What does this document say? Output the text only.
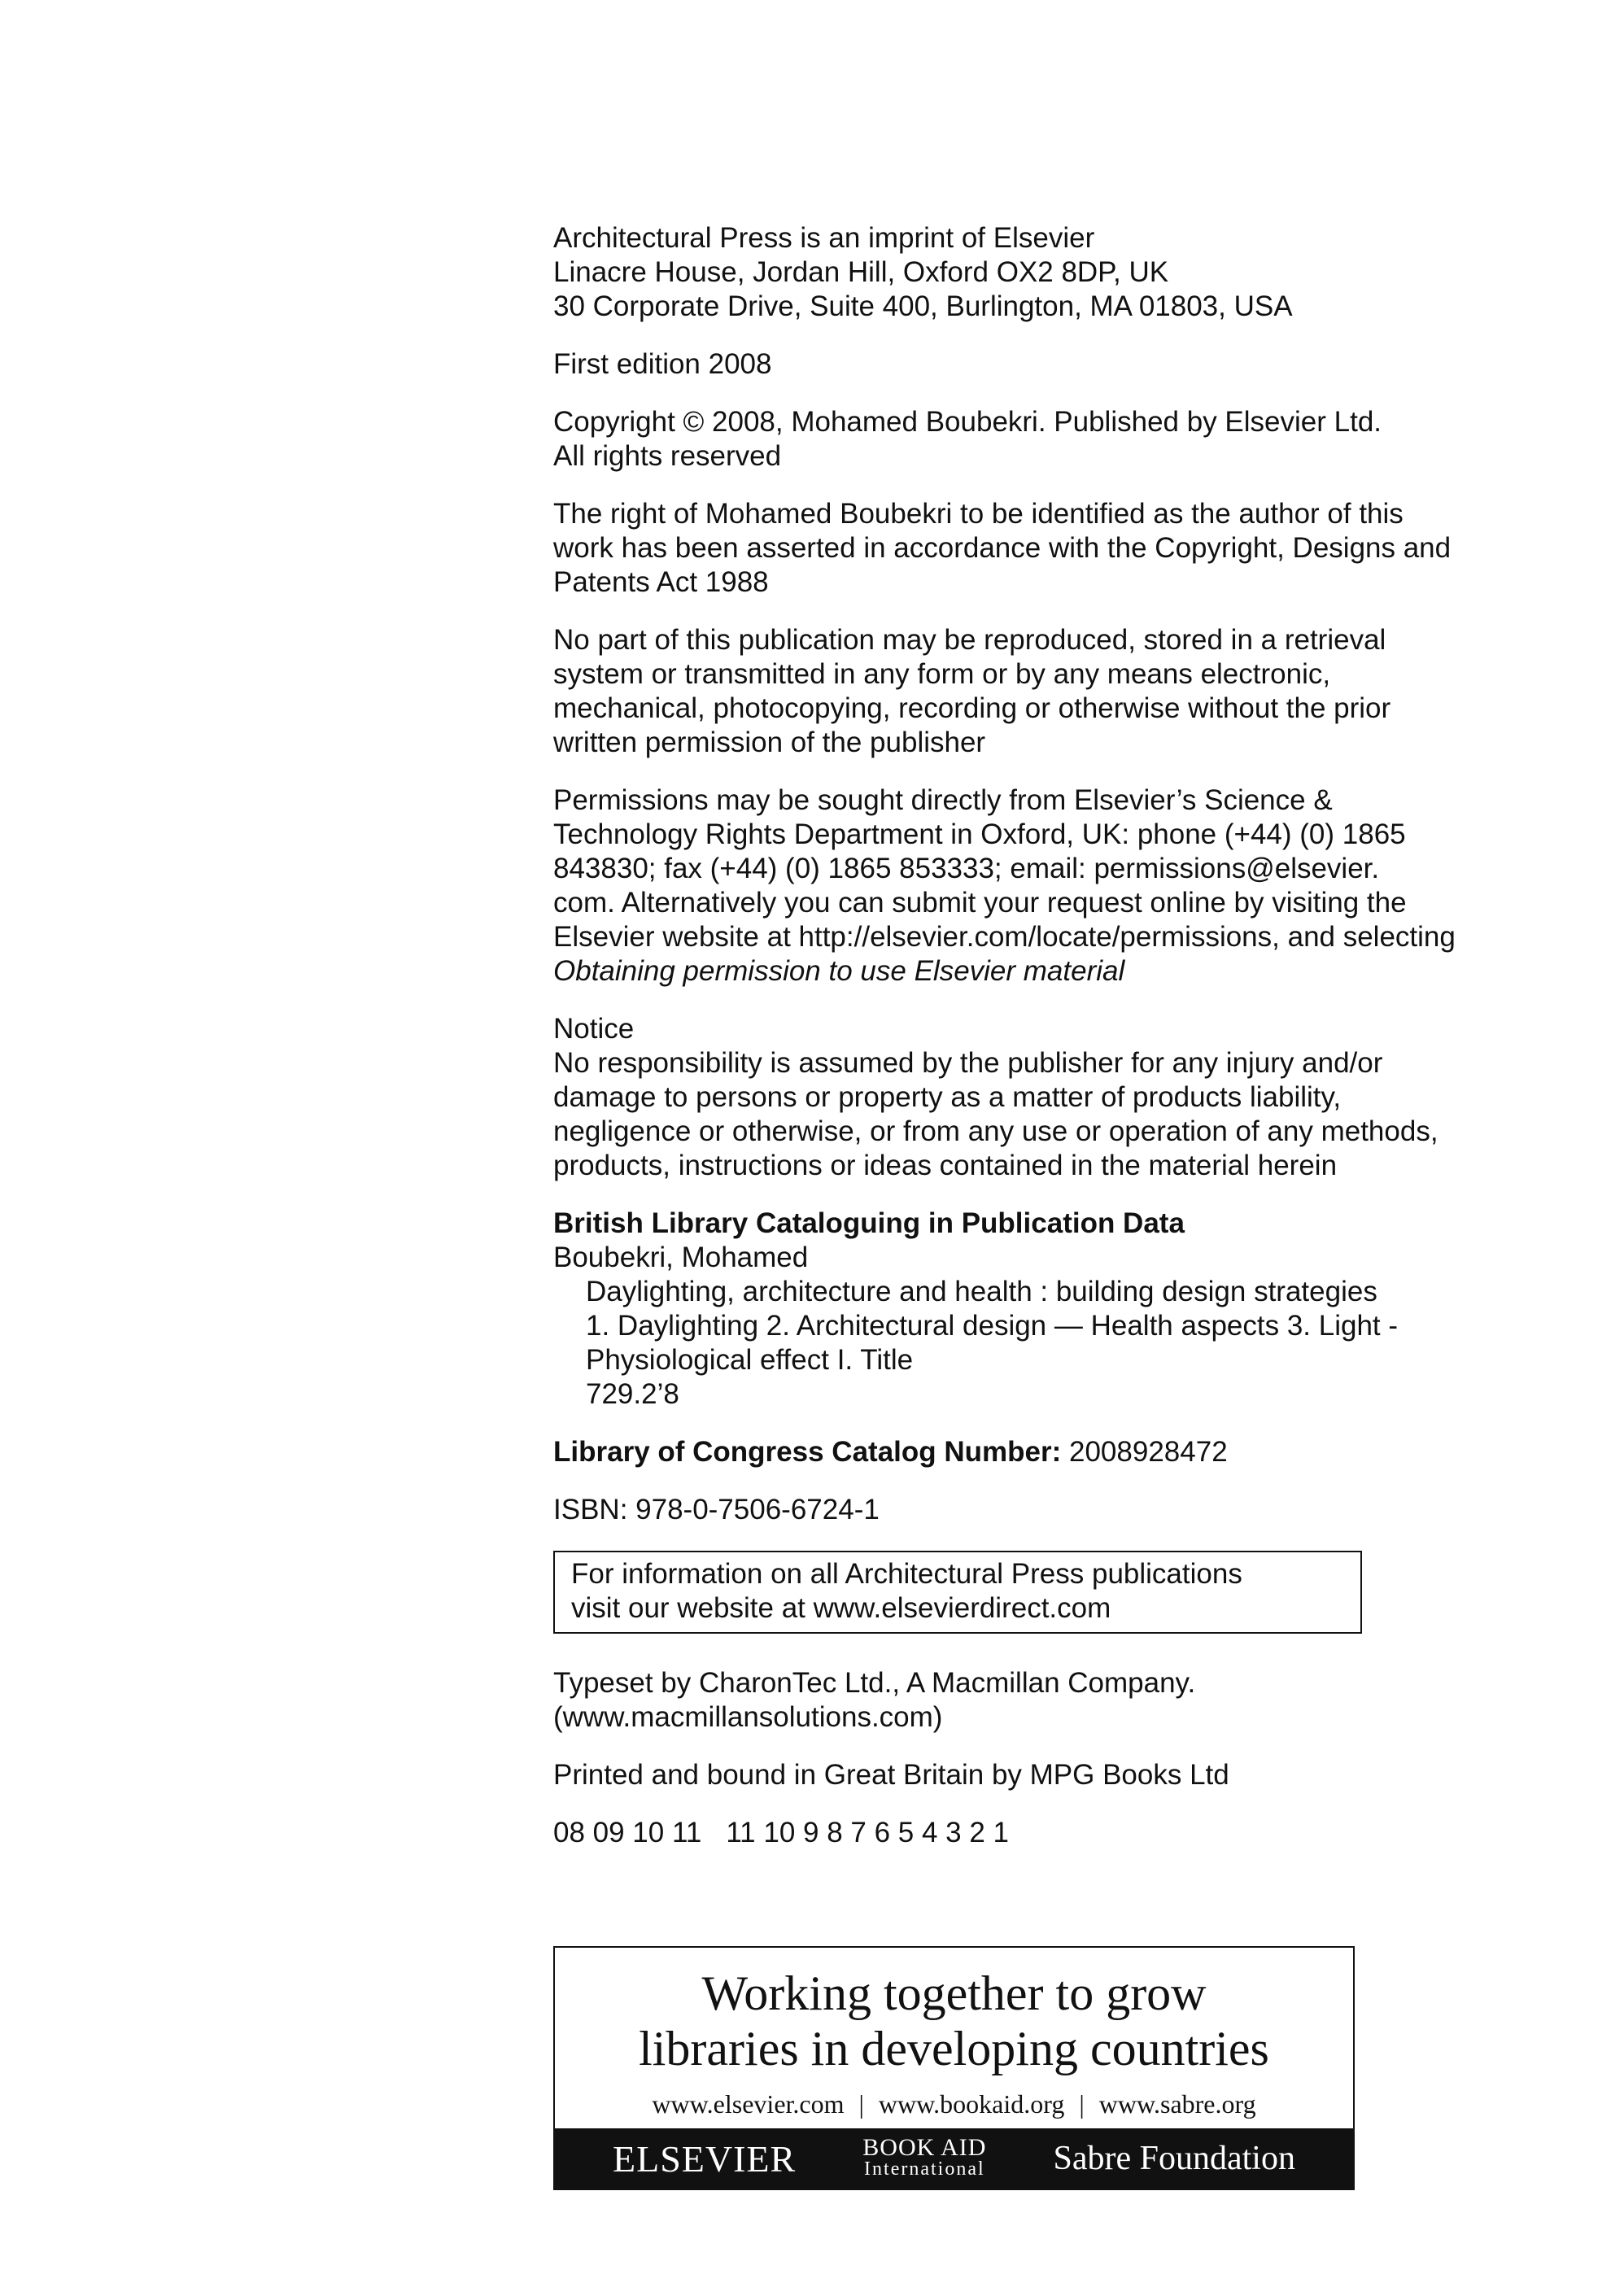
Architectural Press is an imprint of Elsevier
Linacre House, Jordan Hill, Oxford OX2 8DP, UK
30 Corporate Drive, Suite 400, Burlington, MA 01803, USA
First edition 2008
Copyright © 2008, Mohamed Boubekri. Published by Elsevier Ltd.
All rights reserved
The right of Mohamed Boubekri to be identified as the author of this
work has been asserted in accordance with the Copyright, Designs and
Patents Act 1988
No part of this publication may be reproduced, stored in a retrieval
system or transmitted in any form or by any means electronic,
mechanical, photocopying, recording or otherwise without the prior
written permission of the publisher
Permissions may be sought directly from Elsevier’s Science &
Technology Rights Department in Oxford, UK: phone (+44) (0) 1865
843830; fax (+44) (0) 1865 853333; email: permissions@elsevier.
com. Alternatively you can submit your request online by visiting the
Elsevier website at http://elsevier.com/locate/permissions, and selecting
Obtaining permission to use Elsevier material
Notice
No responsibility is assumed by the publisher for any injury and/or
damage to persons or property as a matter of products liability,
negligence or otherwise, or from any use or operation of any methods,
products, instructions or ideas contained in the material herein
British Library Cataloguing in Publication Data
Boubekri, Mohamed
Daylighting, architecture and health : building design strategies
1. Daylighting 2. Architectural design — Health aspects 3. Light -
Physiological effect I. Title
729.2’8
Library of Congress Catalog Number: 2008928472
ISBN: 978-0-7506-6724-1
For information on all Architectural Press publications
visit our website at www.elsevierdirect.com
Typeset by CharonTec Ltd., A Macmillan Company.
(www.macmillansolutions.com)
Printed and bound in Great Britain by MPG Books Ltd
08 09 10 11 11 10 9 8 7 6 5 4 3 2 1
Working together to grow
libraries in developing countries
www.elsevier.com | www.bookaid.org | www.sabre.org
ELSEVIER	BOOK AID
International Sabre Foundation
